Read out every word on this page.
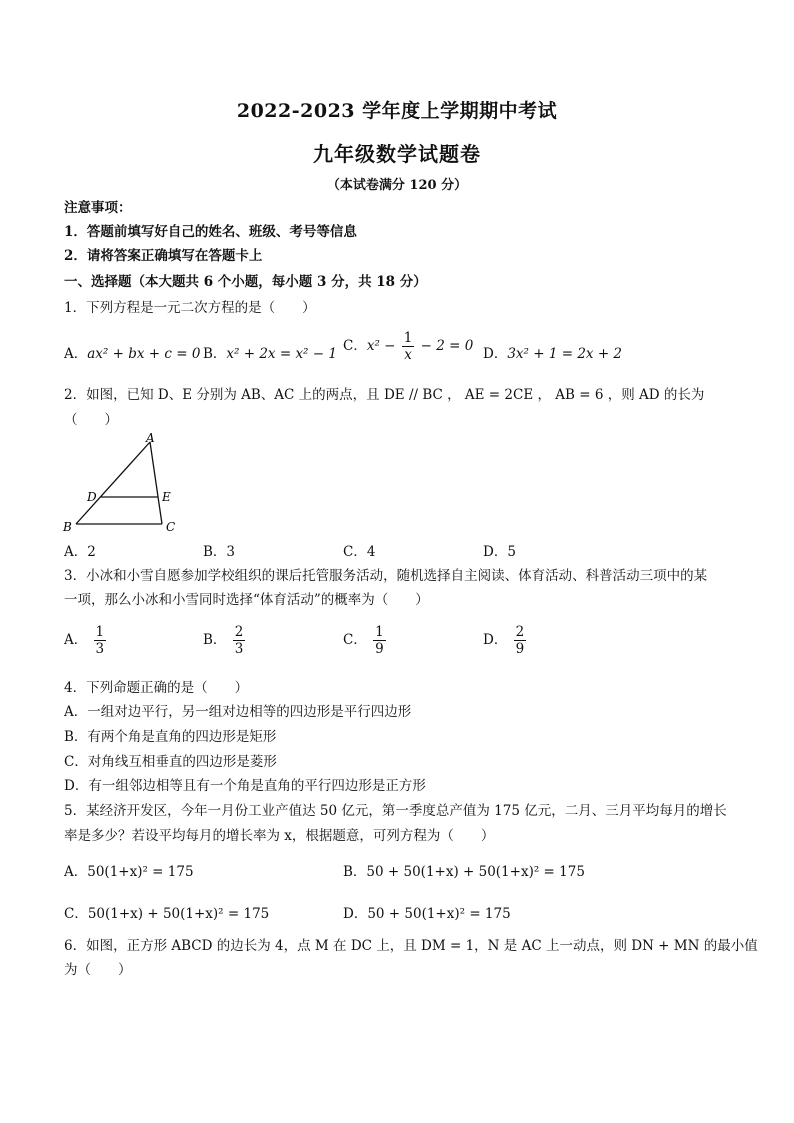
2022-2023 学年度上学期期中考试
九年级数学试题卷
（本试卷满分 120 分）
注意事项：
1．答题前填写好自己的姓名、班级、考号等信息
2．请将答案正确填写在答题卡上
一、选择题（本大题共 6 个小题，每小题 3 分，共 18 分）
1．下列方程是一元二次方程的是（　　）
A．ax² + bx + c = 0 B．x² + 2x = x² − 1 C．$x^2 - \frac{1}{x} - 2 = 0$ D．3x² + 1 = 2x + 2
2．如图，已知 D、E 分别为 AB、AC 上的两点，且 DE // BC ， AE = 2CE ， AB = 6 ，则 AD 的长为
（　　）
A
B	C
D	E
A．2	B．3	C．4	D．5
3．小冰和小雪自愿参加学校组织的课后托管服务活动，随机选择自主阅读、体育活动、科普活动三项中的某
一项，那么小冰和小雪同时选择“体育活动”的概率为（　　）
A． $\frac{1}{3}$	B． $\frac{2}{3}$	C． $\frac{1}{9}$	D． $\frac{2}{9}$
4．下列命题正确的是（　　）
A．一组对边平行，另一组对边相等的四边形是平行四边形
B．有两个角是直角的四边形是矩形
C．对角线互相垂直的四边形是菱形
D．有一组邻边相等且有一个角是直角的平行四边形是正方形
5．某经济开发区，今年一月份工业产值达 50 亿元，第一季度总产值为 175 亿元，二月、三月平均每月的增长
率是多少？若设平均每月的增长率为 x，根据题意，可列方程为（　　）
A．50(1+x)² = 175	B．50 + 50(1+x) + 50(1+x)² = 175
C．50(1+x) + 50(1+x)² = 175	D．50 + 50(1+x)² = 175
6．如图，正方形 ABCD 的边长为 4，点 M 在 DC 上，且 DM = 1，N 是 AC 上一动点，则 DN + MN 的最小值
为（　　）
